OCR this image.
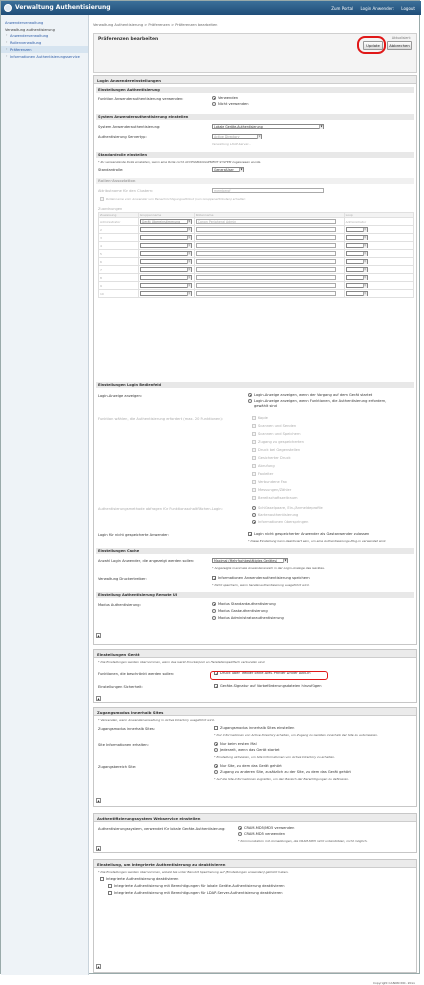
Verwaltung Authentisierung	Zum Portal Login Anwender: Logout
Anwenderverwaltung
Verwaltung authentisierung
› Anwenderverwaltung
› Rollenverwaltung
› Präferenzen
› Informationen Authentisierungsservice
Verwaltung Authentisierung > Präferenzen > Präferenzen bearbeiten
Präferenzen bearbeiten	Aktualisiert:
Update	Abbrechen
Login Anwendereinstellungen
Einstellungen Authentisierung
Funktion Anwenderauthentisierung verwenden:	Verwenden
Nicht verwenden
System Anwenderauthentisierung einstellen
System Anwenderauthentisierung:	Lokale Geräte-Authentisierung	▼
Authentisierung Servertyp:	Active Directory	▼
Verwaltung LDAP-Server...
Standardrolle einstellen
* Zu verwendende Rolle einstellen, wenn eine Rolle nicht ACCESSMANAGEMENT SYSTEM zugewiesen wurde.
Standardrolle:	GeneralUser	▼
Rollen-Assoziation
Attributname für den Clustern:	memberof
Rollenname vom Anwender von Benachrichtigungsattribut (von Gruppenattributen) erhalten
Zuordnungen
Zuweisung	Gruppenname	Rollenname	Loop
Administrator	Gerät Übereinstimmung ▼	Canon Peripheral Admin	Administrator
2	▼		▼

3	▼		▼

4	▼		▼

5	▼		▼

6	▼		▼

7	▼		▼

8	▼		▼

9	▼		▼

10	▼		▼
Einstellungen Login Bedienfeld
Login-Anzeige anzeigen:	Login-Anzeige anzeigen, wenn der Vorgang auf dem Gerät startet
Login-Anzeige anzeigen, wenn Funktionen, die Authentisierung erfordern,
gewählt sind
Funktion wählen, die Authentisierung erfordert (max. 20 Funktionen):	Kopie
Scannen und Senden
Scannen und Speichern
Zugang zu gespeicherten
Druck bei Gegenstellen
Gesicherter Druck
Abrufung
Faxleiter
Verbundene Fax
Messungen/Zähler
Bereitschaftszeitraum
Authentisierungsmethode abfragen für Funktionsschaltflächen-Login:	Schlüsselpaare, Ein-/Anmeldeprofile
Kartenauthentisierung
Informationen überspringen
Login für nicht gespeicherte Anwender: ✓	Login nicht gespeicherter Anwender als Gastanwender zulassen
* Diese Einstellung kann deaktiviert sein, um eine Authentisierungs-Plug-in verwendet wird.
Einstellungen Cache
Anzahl Login Anwender, die angezeigt werden sollen:	Maximal (Mehrfachbestätigtes Gerätes)	▼
* Angezeigte maximale Anwenderanzahl in der Login-Anzeige des Gerätes.
Verwaltung Druckertreiber: ✓	Informationen Anwenderauthentisierung speichern
* Nicht speichern, wenn Sendenauthentisierung ausgeführt wird.
Einstellung Authentisierung Remote UI
Modus Authentisierung:	Modus Standardauthentisierung
Modus Gastauthentisierung
Modus Administratorauthentisierung
▴
Einstellungen Gerät
* Die Einstellungen werden übernommen, wenn das Gerät Druckerpool an Herstellerspezifisch verbunden sind.
Funktionen, die beschränkt werden sollen: ✓	Druck über Treiber ohne AMS Printer Driver Add-In
Einstellungen Sicherheit: ✓	Geräte-Signatur auf Vorbeförderungsdateien hinzufügen
▴
Zugangsmodus innerhalb Sites
* Verwenden, wenn Anwenderverwaltung in Active Directory ausgeführt wird.
Zugangsmodus innerhalb Sites:	Zugangsmodus innerhalb Sites einstellen
* Nur Informationen von Active Directory erhalten, um Zugang zu Geräten innerhalb der Site zu autorisieren.
Site Informationen erhalten:	Nur beim ersten Mal
Jederzeit, wenn das Gerät startet
* Einstellung aktivieren, um Site Informationen von Active Directory zu erhalten.
Zugangsbereich Site:	Nur Site, zu dem das Gerät gehört
Zugang zu anderen Site, zusätzlich zu der Site, zu dem das Gerät gehört
* Auf die Site-Informationen zugreifen, um den Bereich der Berechtigungen zu definieren.
▴
Authentifizierungssystem Webservice einstellen
Authentisierungssystem, verwendet für lokale Geräte-Authentisierung:	CRAM-MD5/MD5 verwenden
CRAM-MD5 verwenden
* Kommunikation mit Anmeldungen, die CRAM-MD5 nicht unterstützen, nicht möglich.
▴
Einstellung, um integrierte Authentisierung zu deaktivieren
* Die Einstellungen werden übernommen, sobald Sie unter Benutzt Speicherung auf [Einstellungen anwenden] geklickt haben.
Integrierte Authentisierung deaktivieren
Integrierte Authentisierung mit Berechtigungen für lokale Geräte-Authentisierung deaktivieren
Integrierte Authentisierung mit Berechtigungen für LDAP-Server-Authentisierung deaktivieren
▴
Copyright CANON INC. 20xx
